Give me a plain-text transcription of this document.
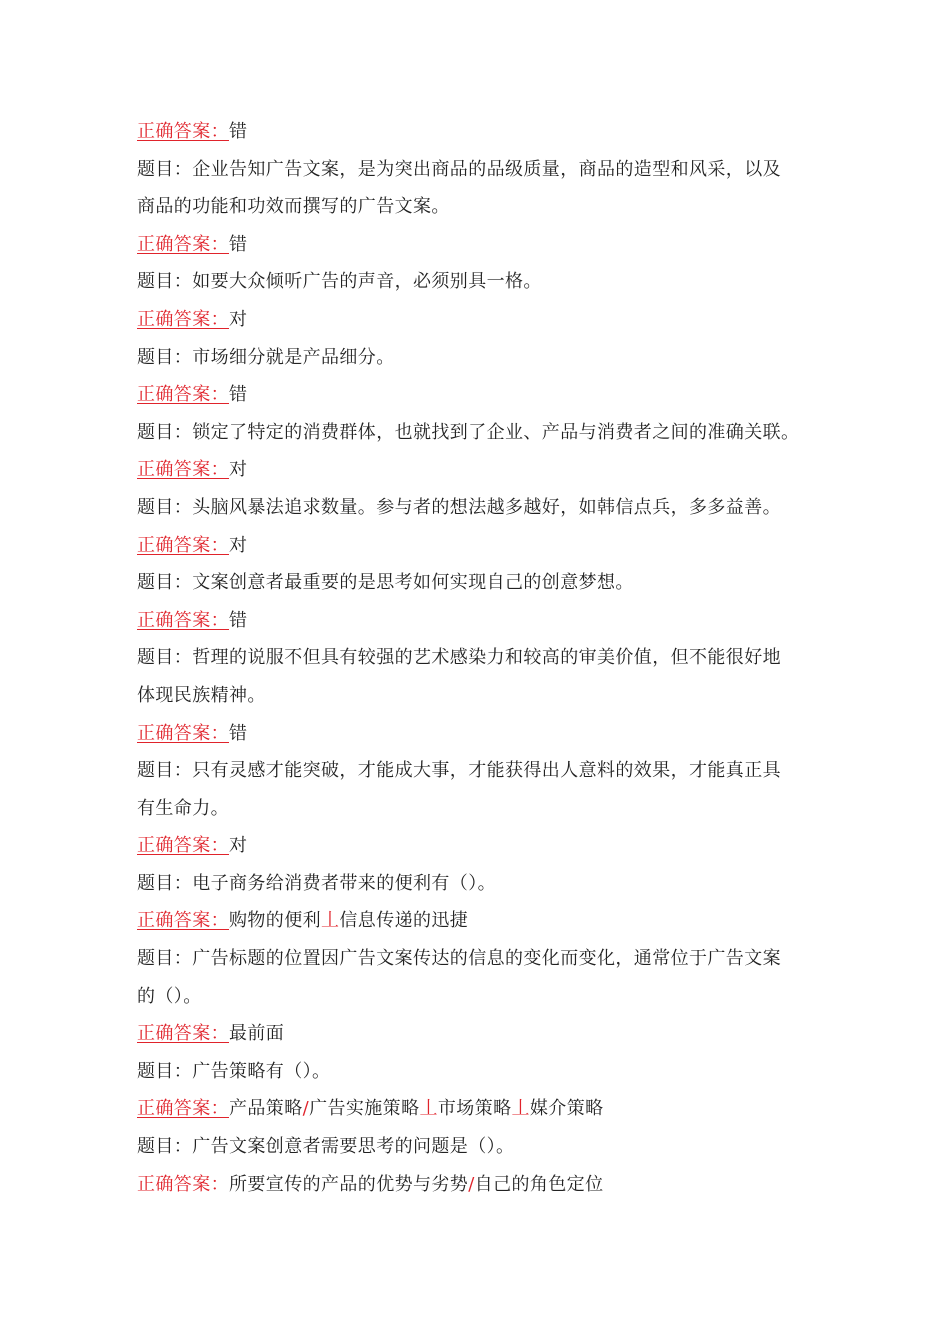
正确答案：错
题目：企业告知广告文案，是为突出商品的品级质量，商品的造型和风采，以及
商品的功能和功效而撰写的广告文案。
正确答案：错
题目：如要大众倾听广告的声音，必须别具一格。
正确答案：对
题目：市场细分就是产品细分。
正确答案：错
题目：锁定了特定的消费群体，也就找到了企业、产品与消费者之间的准确关联。
正确答案：对
题目：头脑风暴法追求数量。参与者的想法越多越好，如韩信点兵，多多益善。
正确答案：对
题目：文案创意者最重要的是思考如何实现自己的创意梦想。
正确答案：错
题目：哲理的说服不但具有较强的艺术感染力和较高的审美价值，但不能很好地
体现民族精神。
正确答案：错
题目：只有灵感才能突破，才能成大事，才能获得出人意料的效果，才能真正具
有生命力。
正确答案：对
题目：电子商务给消费者带来的便利有（）。
正确答案：购物的便利丄信息传递的迅捷
题目：广告标题的位置因广告文案传达的信息的变化而变化，通常位于广告文案
的（）。
正确答案：最前面
题目：广告策略有（）。
正确答案：产品策略/广告实施策略丄市场策略丄媒介策略
题目：广告文案创意者需要思考的问题是（）。
正确答案：所要宣传的产品的优势与劣势/自己的角色定位
